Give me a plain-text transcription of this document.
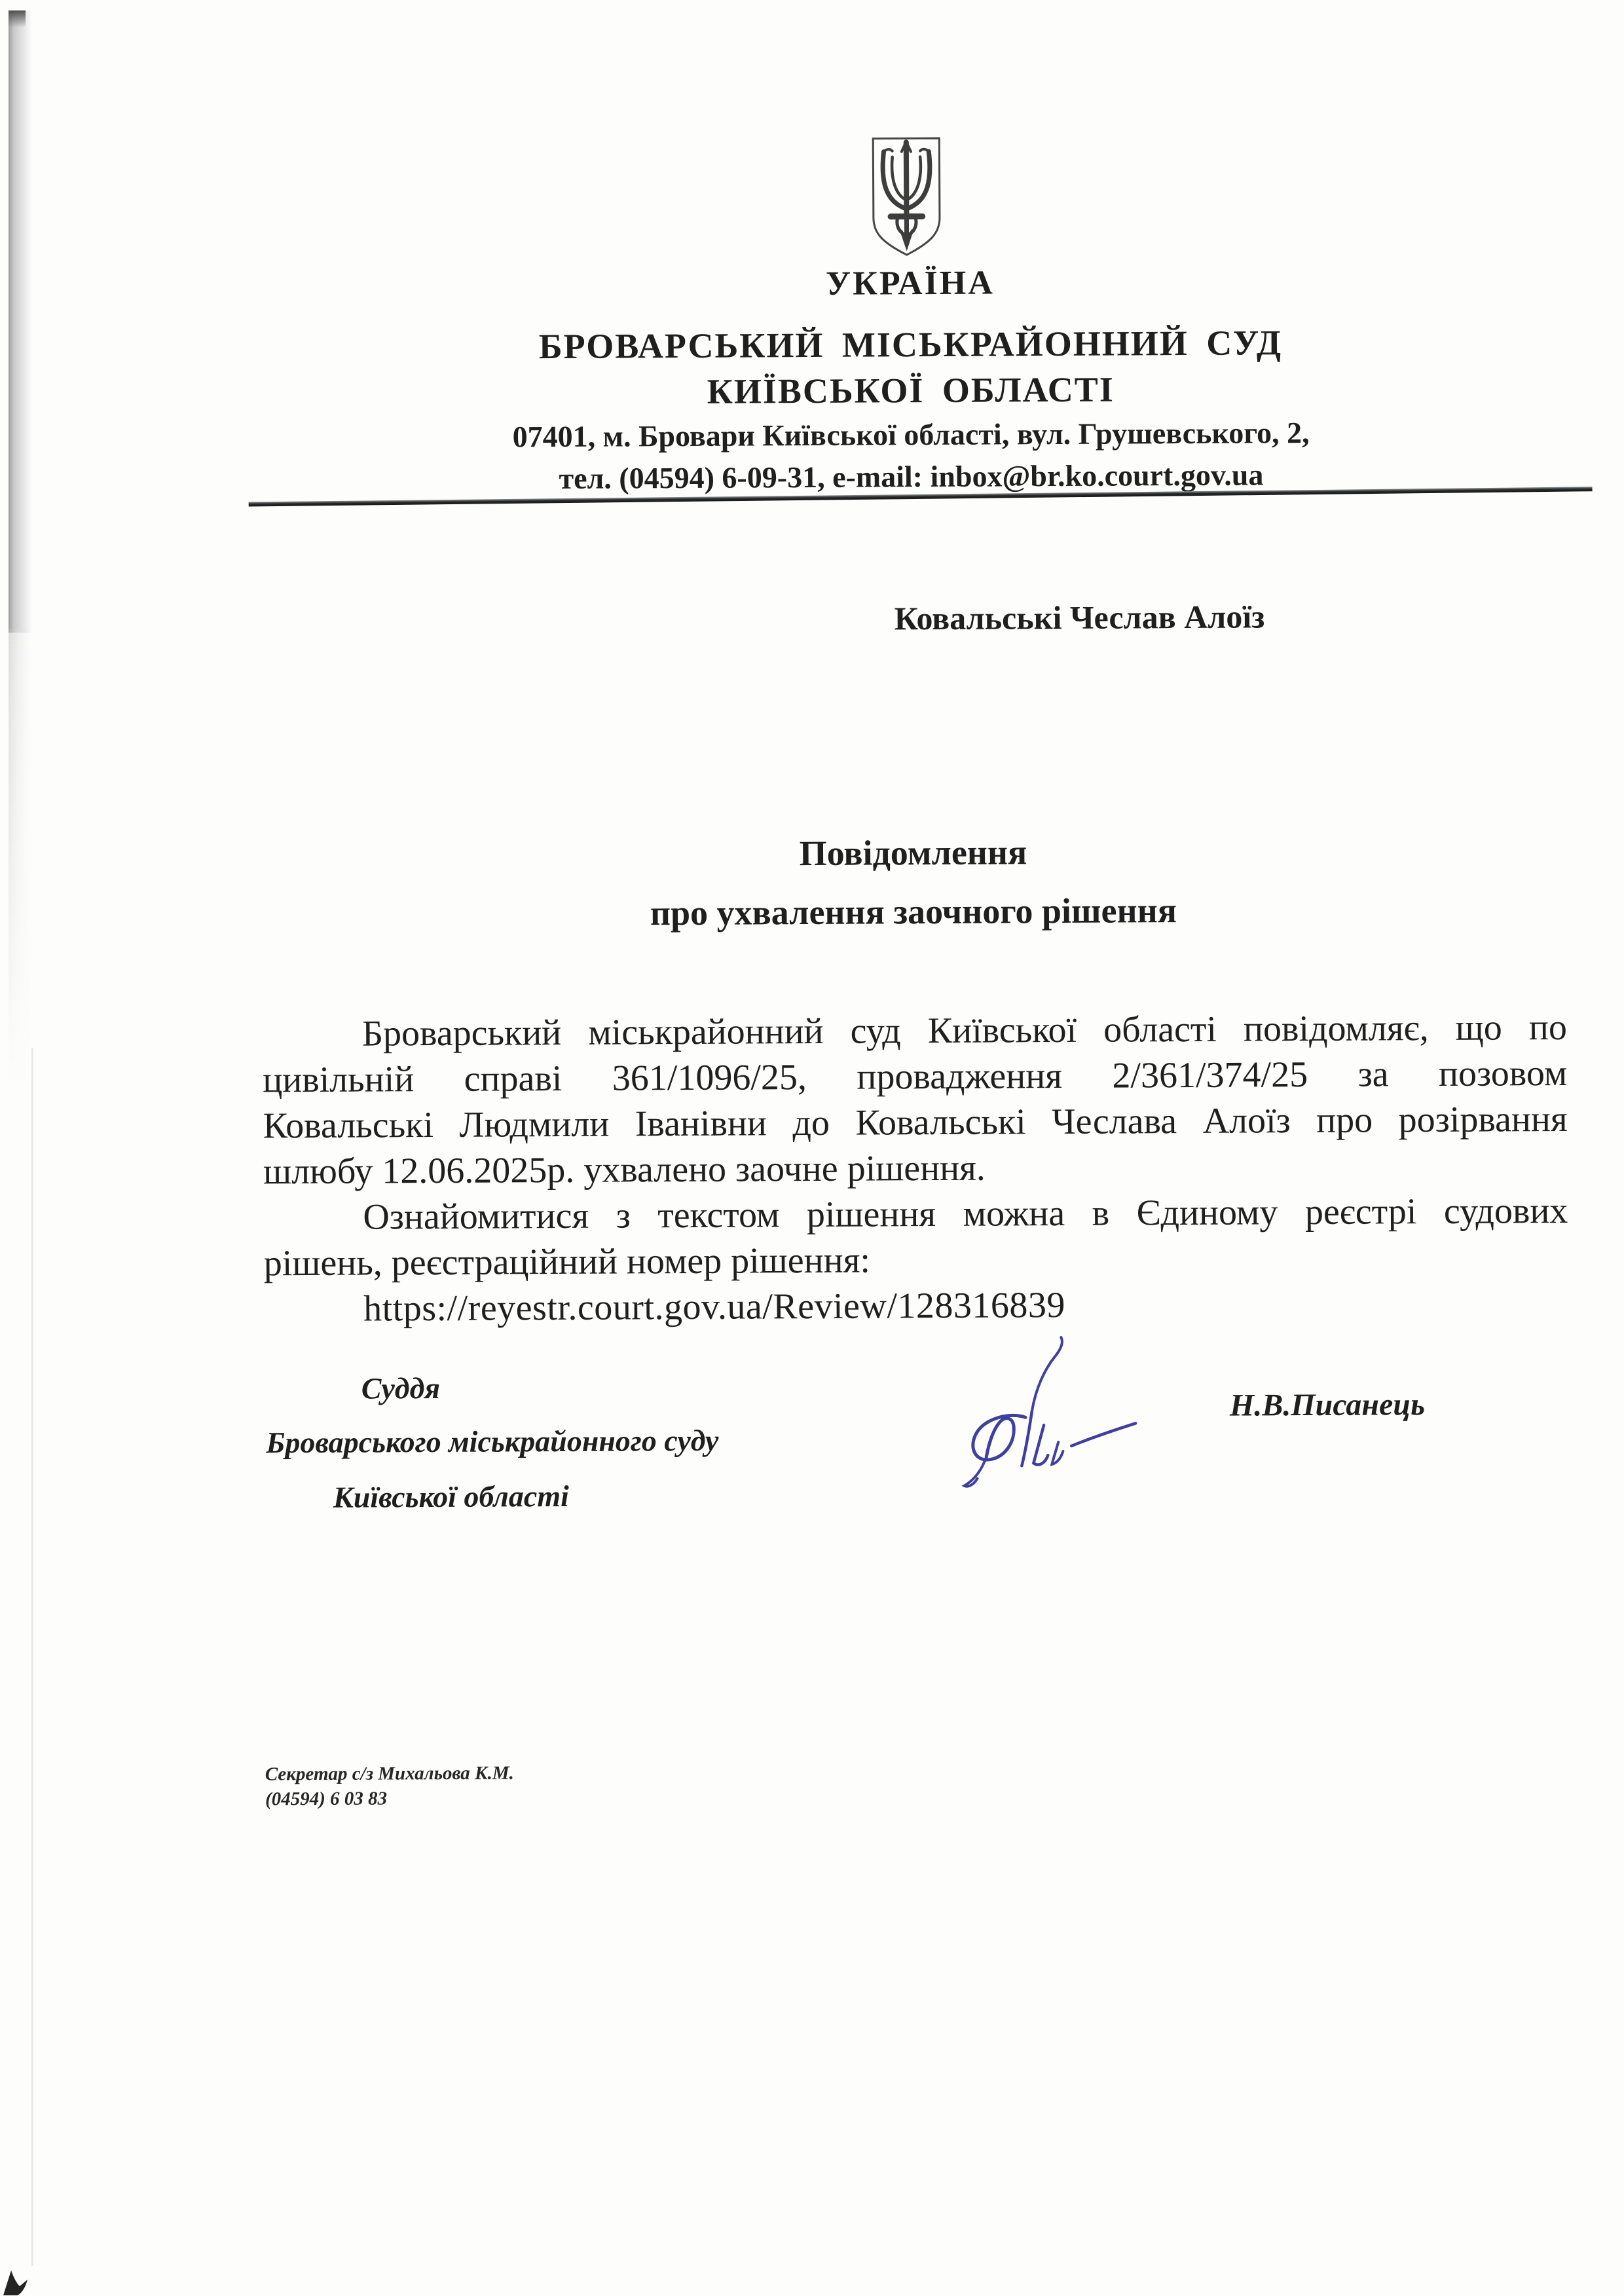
УКРАЇНА
БРОВАРСЬКИЙ МІСЬКРАЙОННИЙ СУД
КИЇВСЬКОЇ ОБЛАСТІ
07401, м. Бровари Київської області, вул. Грушевського, 2,
тел. (04594) 6-09-31, e-mail: inbox@br.ko.court.gov.ua
Ковальські Чеслав Алоїз
Повідомлення
про ухвалення заочного рішення
Броварський міськрайонний суд Київської області повідомляє, що по
цивільній справі 361/1096/25, провадження 2/361/374/25 за позовом
Ковальські Людмили Іванівни до Ковальські Чеслава Алоїз про розірвання
шлюбу 12.06.2025р. ухвалено заочне рішення.
Ознайомитися з текстом рішення можна в Єдиному реєстрі судових
рішень, реєстраційний номер рішення:
https://reyestr.court.gov.ua/Review/128316839
Суддя
Броварського міськрайонного суду
Київської області
Н.В.Писанець
Секретар с/з Михальова К.М.
(04594) 6 03 83
